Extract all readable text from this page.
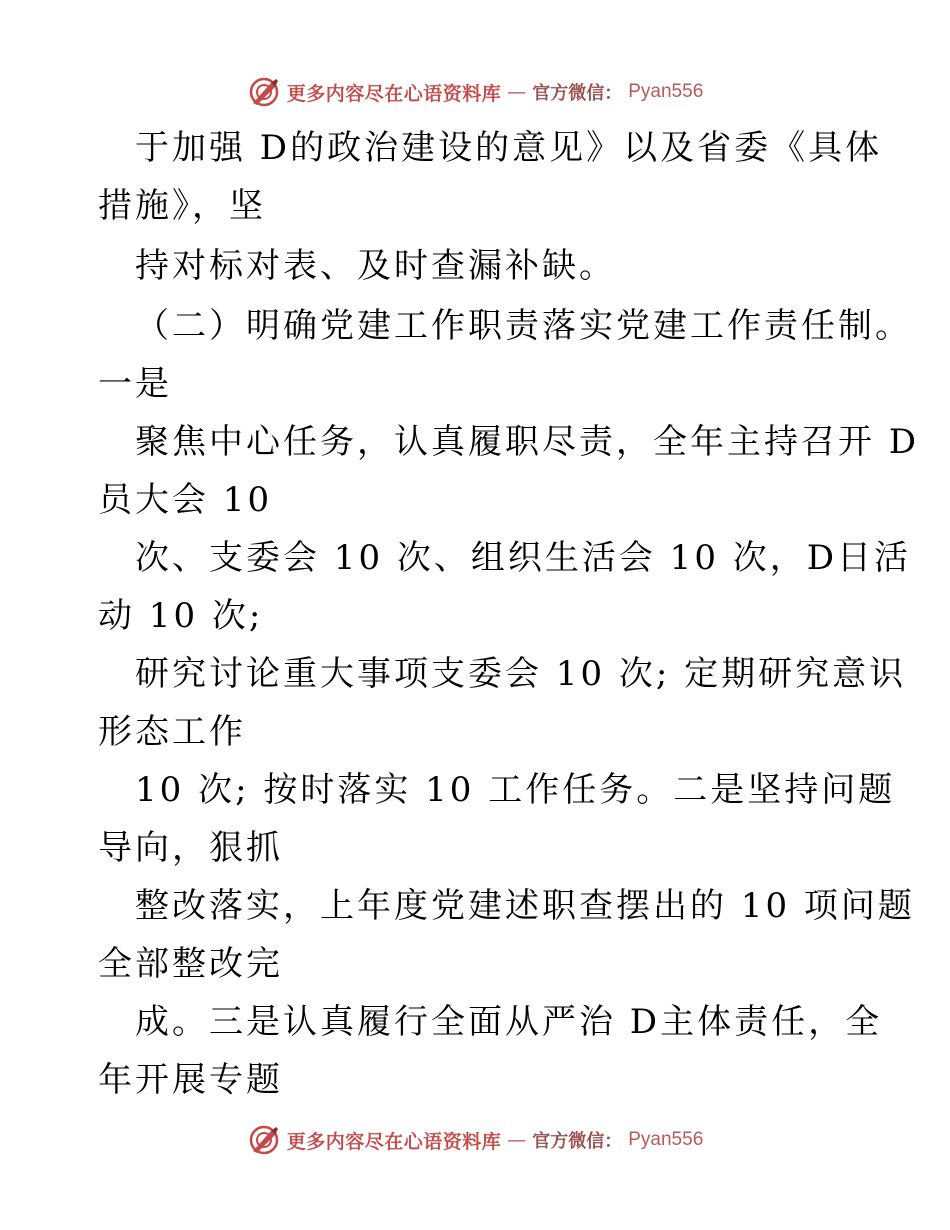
更多内容尽在心语资料库 — 官方微信： Pyan556
于加强 D的政治建设的意见》以及省委《具体
措施》，坚
持对标对表、及时查漏补缺。
（二）明确党建工作职责落实党建工作责任制。
一是
聚焦中心任务，认真履职尽责，全年主持召开 D
员大会 10
次、支委会 10 次、组织生活会 10 次，D日活
动 10 次;
研究讨论重大事项支委会 10 次; 定期研究意识
形态工作
10 次; 按时落实 10 工作任务。二是坚持问题
导向，狠抓
整改落实，上年度党建述职查摆出的 10 项问题
全部整改完
成。三是认真履行全面从严治 D主体责任，全
年开展专题
更多内容尽在心语资料库 — 官方微信： Pyan556
